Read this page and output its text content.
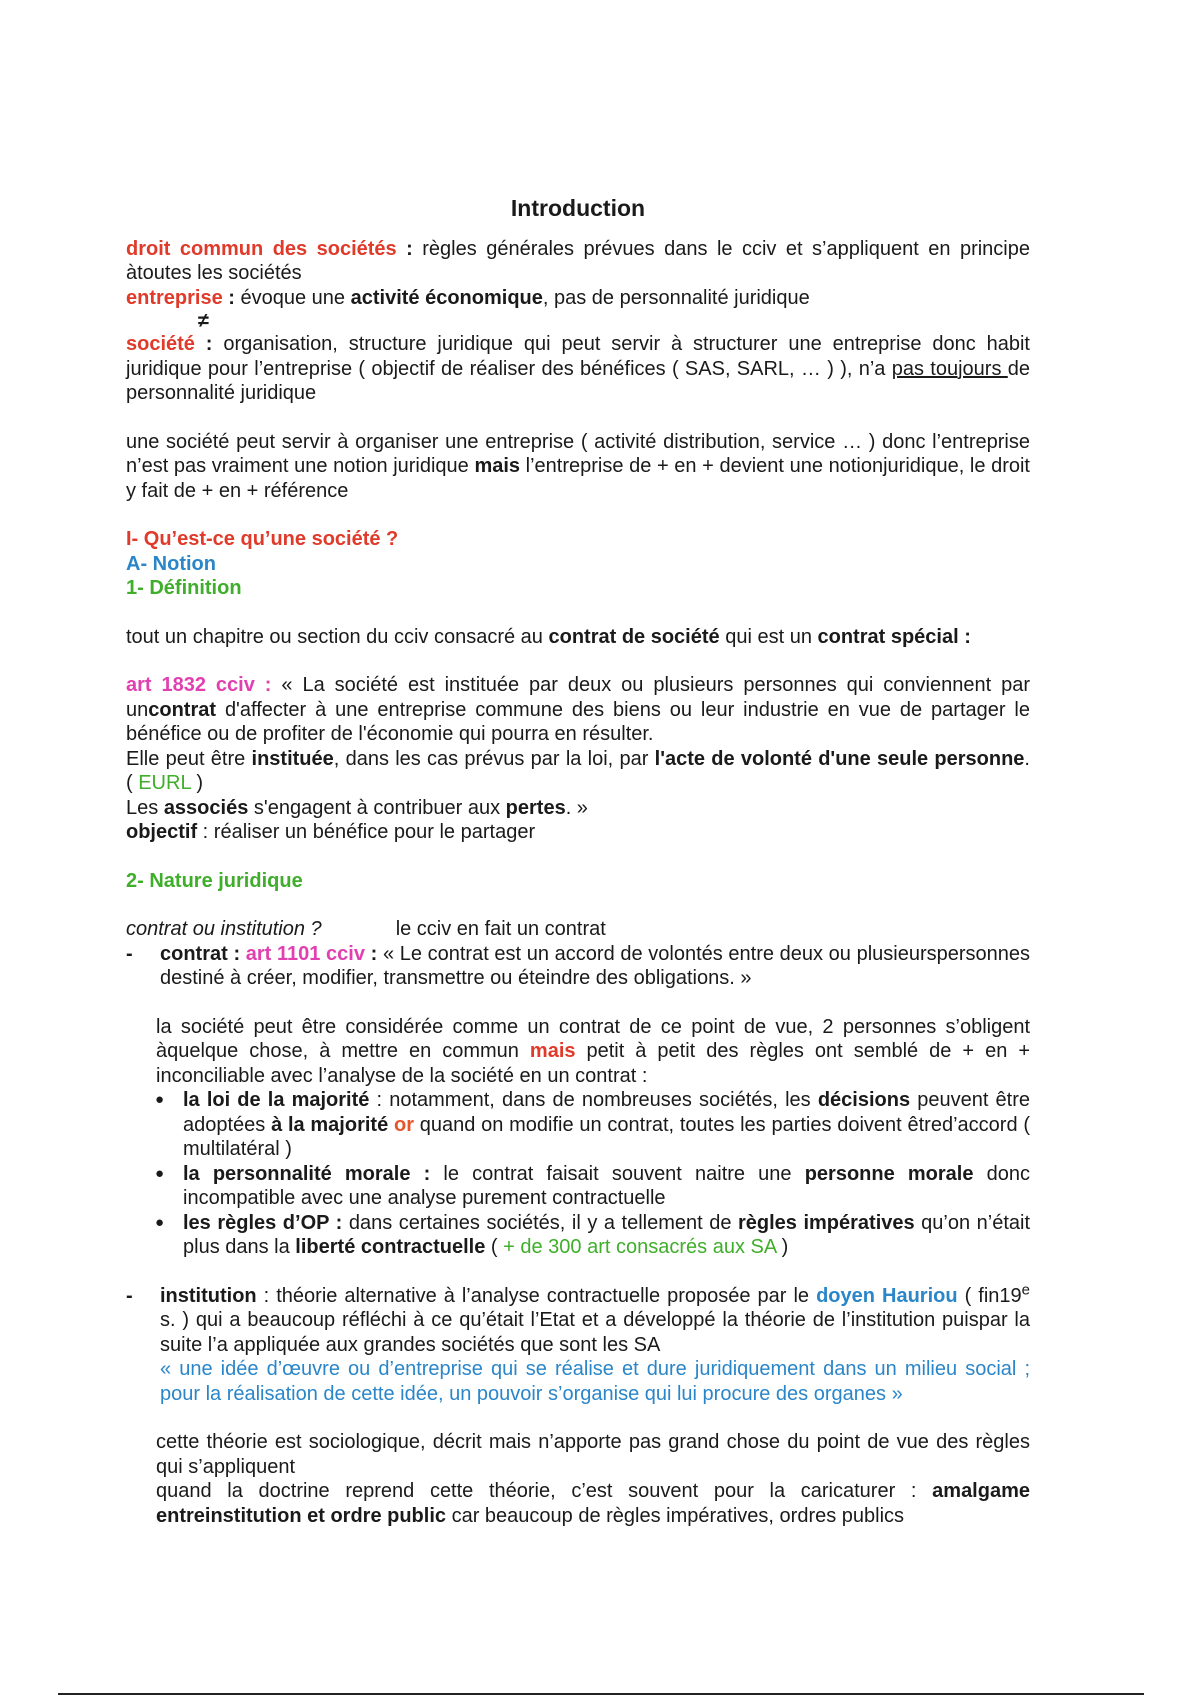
Introduction

droit commun des sociétés : règles générales prévues dans le cciv et s’appliquent en principe àtoutes les sociétés

entreprise : évoque une activité économique, pas de personnalité juridique

≠

société : organisation, structure juridique qui peut servir à structurer une entreprise donc habit juridique pour l’entreprise ( objectif de réaliser des bénéfices ( SAS, SARL, … ) ), n’a pas toujours de personnalité juridique

une société peut servir à organiser une entreprise ( activité distribution, service … ) donc l’entreprise n’est pas vraiment une notion juridique mais l’entreprise de + en + devient une notionjuridique, le droit y fait de + en + référence

I- Qu’est-ce qu’une société ?
A- Notion
1- Définition

tout un chapitre ou section du cciv consacré au contrat de société qui est un contrat spécial :

art 1832 cciv : « La société est instituée par deux ou plusieurs personnes qui conviennent par uncontrat d'affecter à une entreprise commune des biens ou leur industrie en vue de partager le bénéfice ou de profiter de l'économie qui pourra en résulter.

Elle peut être instituée, dans les cas prévus par la loi, par l'acte de volonté d'une seule personne. ( EURL )

Les associés s'engagent à contribuer aux pertes. »

objectif : réaliser un bénéfice pour le partager

2- Nature juridique

contrat ou institution ?	le cciv en fait un contrat

- contrat : art 1101 cciv : « Le contrat est un accord de volontés entre deux ou plusieurspersonnes destiné à créer, modifier, transmettre ou éteindre des obligations. »

la société peut être considérée comme un contrat de ce point de vue, 2 personnes s’obligent àquelque chose, à mettre en commun mais petit à petit des règles ont semblé de + en + inconciliable avec l’analyse de la société en un contrat :

● la loi de la majorité : notamment, dans de nombreuses sociétés, les décisions peuvent être adoptées à la majorité or quand on modifie un contrat, toutes les parties doivent êtred’accord ( multilatéral )
● la personnalité morale : le contrat faisait souvent naitre une personne morale donc incompatible avec une analyse purement contractuelle
● les règles d’OP : dans certaines sociétés, il y a tellement de règles impératives qu’on n’était plus dans la liberté contractuelle ( + de 300 art consacrés aux SA )
- institution : théorie alternative à l’analyse contractuelle proposée par le doyen Hauriou ( fin19e s. ) qui a beaucoup réfléchi à ce qu’était l’Etat et a développé la théorie de l’institution puispar la suite l’a appliquée aux grandes sociétés que sont les SA

« une idée d’œuvre ou d’entreprise qui se réalise et dure juridiquement dans un milieu social ; pour la réalisation de cette idée, un pouvoir s’organise qui lui procure des organes »

cette théorie est sociologique, décrit mais n’apporte pas grand chose du point de vue des règles qui s’appliquent

quand la doctrine reprend cette théorie, c’est souvent pour la caricaturer : amalgame entreinstitution et ordre public car beaucoup de règles impératives, ordres publics
